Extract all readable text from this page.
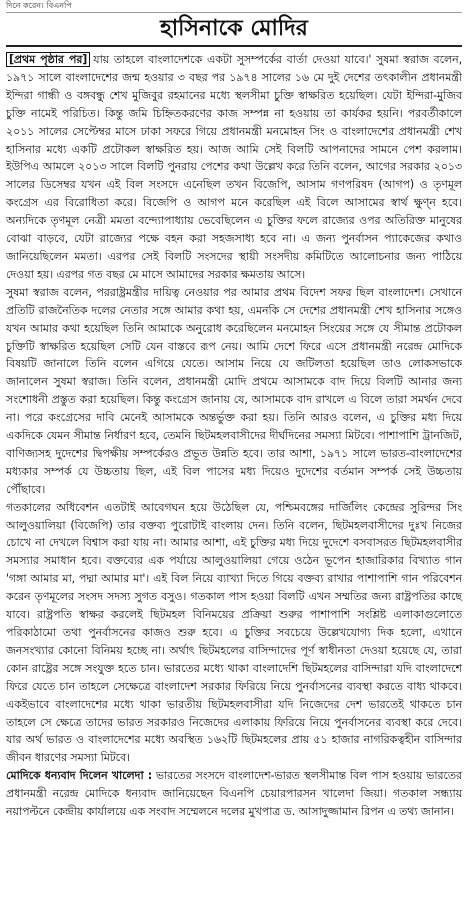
দিনে করেন। বিএনপি
হাসিনাকে মোদির

[প্রথম পৃষ্ঠার পর] যায় তাহলে বাংলাদেশকে একটা সুসম্পর্কের বার্তা দেওয়া যাবে।' সুষমা স্বরাজ বলেন, ১৯৭১ সালে বাংলাদেশের জন্ম হওয়ার ৩ বছর পর ১৯৭৪ সালের ১৬ মে দুই দেশের তৎকালীন প্রধানমন্ত্রী ইন্দিরা গান্ধী ও বঙ্গবন্ধু শেখ মুজিবুর রহমানের মধ্যে স্থলসীমা চুক্তি স্বাক্ষরিত হয়েছিল। যেটা ইন্দিরা-মুজিব চুক্তি নামেই পরিচিত। কিন্তু জমি চিহ্নিতকরণের কাজ সম্পন্ন না হওয়ায় তা কার্যকর হয়নি। পরবর্তীকালে ২০১১ সালের সেপ্টেম্বর মাসে ঢাকা সফরে গিয়ে প্রধানমন্ত্রী মনমোহন সিং ও বাংলাদেশের প্রধানমন্ত্রী শেখ হাসিনার মধ্যে একটি প্রটোকল স্বাক্ষরিত হয়। আজ আমি সেই বিলটি আপনাদের সামনে পেশ করলাম। ইউপিএ আমলে ২০১৩ সালে বিলটি পুনরায় পেশের কথা উল্লেখ করে তিনি বলেন, আগের সরকার ২০১৩ সালের ডিসেম্বর যখন এই বিল সংসদে এনেছিল তখন বিজেপি, আসাম গণপরিষদ (আগপ) ও তৃণমূল কংগ্রেস এর বিরোধিতা করে। বিজেপি ও আগপ মনে করেছিল এই বিলে আসামের স্বার্থ ক্ষুণ্ন হবে। অন্যদিকে তৃণমূল নেত্রী মমতা বন্দ্যোপাধ্যায় ভেবেছিলেন এ চুক্তির ফলে রাজ্যের ওপর অতিরিক্ত মানুষের বোঝা বাড়বে, যেটা রাজ্যের পক্ষে বহন করা সহজসাধ্য হবে না। এ জন্য পুনর্বাসন প্যাকেজের কথাও জানিয়েছিলেন মমতা। এরপর সেই বিলটি সংসদের স্থায়ী সংসদীয় কমিটিতে আলোচনার জন্য পাঠিয়ে দেওয়া হয়। এরপর গত বছর মে মাসে আমাদের সরকার ক্ষমতায় আসে।

সুষমা স্বরাজ বলেন, পররাষ্ট্রমন্ত্রীর দায়িত্ব নেওয়ার পর আমার প্রথম বিদেশ সফর ছিল বাংলাদেশ। সেখানে প্রতিটি রাজনৈতিক দলের নেতার সঙ্গে আমার কথা হয়, এমনকি সে দেশের প্রধানমন্ত্রী শেখ হাসিনার সঙ্গেও যখন আমার কথা হয়েছিল তিনি আমাকে অনুরোধ করেছিলেন মনমোহন সিংয়ের সঙ্গে যে সীমান্ত প্রটোকল চুক্তিটি স্বাক্ষরিত হয়েছিল সেটি যেন বাস্তবে রূপ নেয়। আমি দেশে ফিরে এসে প্রধানমন্ত্রী নরেন্দ্র মোদিকে বিষয়টি জানালে তিনি বলেন এগিয়ে যেতে। আসাম নিয়ে যে জটিলতা হয়েছিল তাও লোকসভাকে জানালেন সুষমা স্বরাজ। তিনি বলেন, প্রধানমন্ত্রী মোদি প্রথমে আসামকে বাদ দিয়ে বিলটি আনার জন্য সংশোধনী প্রস্তুত করা হয়েছিল। কিন্তু কংগ্রেস জানায় যে, আসামকে বাদ রাখলে এ বিলে তারা সমর্থন দেবে না। পরে কংগ্রেসের দাবি মেনেই আসামকে অন্তর্ভুক্ত করা হয়। তিনি আরও বলেন, এ চুক্তির মধ্য দিয়ে একদিকে যেমন সীমান্ত নির্ধারণ হবে, তেমনি ছিটমহলবাসীদের দীর্ঘদিনের সমস্যা মিটবে। পাশাপাশি ট্রানজিট, বাণিজ্যসহ দুদেশের দ্বিপক্ষীয় সম্পর্কেরও প্রভূত উন্নতি হবে। তার আশা, ১৯৭১ সালে ভারত-বাংলাদেশের মধ্যকার সম্পর্ক যে উচ্চতায় ছিল, এই বিল পাসের মধ্য দিয়েও দুদেশের বর্তমান সম্পর্ক সেই উচ্চতায় পৌঁছাবে।

গতকালের অধিবেশন এতটাই আবেগঘন হয়ে উঠেছিল যে, পশ্চিমবঙ্গের দার্জিলিং কেন্দ্রের সুরিন্দর সিং আলুওয়ালিয়া (বিজেপি) তার বক্তব্য পুরোটাই বাংলায় দেন। তিনি বলেন, ছিটমহলবাসীদের দুঃখ নিজের চোখে না দেখলে বিশ্বাস করা যায় না। আমার আশা, এই চুক্তির মধ্য দিয়ে দুদেশে বসবাসরত ছিটমহলবাসীর সমস্যার সমাধান হবে। বক্তব্যের এক পর্যায়ে আলুওয়ালিয়া গেয়ে ওঠেন ভূপেন হাজারিকার বিখ্যাত গান 'গঙ্গা আমার মা, পদ্মা আমার মা'। এই বিল নিয়ে ব্যাখ্যা দিতে গিয়ে বক্তব্য রাখার পাশাপাশি গান পরিবেশন করেন তৃণমূলের সংসদ সদস্য সুগত বসুও। গতকাল পাস হওয়া বিলটি এখন সম্মতির জন্য রাষ্ট্রপতির কাছে যাবে। রাষ্ট্রপতি স্বাক্ষর করলেই ছিটমহল বিনিময়ের প্রক্রিয়া শুরুর পাশাপাশি সংশ্লিষ্ট এলাকাগুলোতে পরিকাঠামো তথা পুনর্বাসনের কাজও শুরু হবে। এ চুক্তির সবচেয়ে উল্লেখযোগ্য দিক হলো, এখানে জনসংখ্যার কোনো বিনিময় হচ্ছে না। অর্থাৎ ছিটমহলের বাসিন্দাদের পূর্ণ স্বাধীনতা দেওয়া হয়েছে যে, তারা কোন রাষ্ট্রের সঙ্গে সংযুক্ত হতে চান। ভারতের মধ্যে থাকা বাংলাদেশি ছিটমহলের বাসিন্দারা যদি বাংলাদেশে ফিরে যেতে চান তাহলে সেক্ষেত্রে বাংলাদেশ সরকার ফিরিয়ে নিয়ে পুনর্বাসনের ব্যবস্থা করতে বাধ্য থাকবে। একইভাবে বাংলাদেশের মধ্যে থাকা ভারতীয় ছিটমহলবাসীরা যদি নিজেদের দেশ ভারতেই থাকতে চান তাহলে সে ক্ষেত্রে তাদের ভারত সরকারও নিজেদের এলাকায় ফিরিয়ে নিয়ে পুনর্বাসনের ব্যবস্থা করে দেবে। যার অর্থ ভারত ও বাংলাদেশের মধ্যে অবস্থিত ১৬২টি ছিটমহলের প্রায় ৫১ হাজার নাগরিকত্বহীন বাসিন্দার জীবন ধারণের সমস্যা মিটবে।

মোদিকে ধন্যবাদ দিলেন খালেদা : ভারতের সংসদে বাংলাদেশ-ভারত স্থলসীমান্ত বিল পাস হওয়ায় ভারতের প্রধানমন্ত্রী নরেন্দ্র মোদিকে ধন্যবাদ জানিয়েছেন বিএনপি চেয়ারপারসন খালেদা জিয়া। গতকাল সন্ধ্যায় নয়াপল্টনে কেন্দ্রীয় কার্যালয়ে এক সংবাদ সম্মেলনে দলের মুখপাত্র ড. আসাদুজ্জামান রিপন এ তথ্য জানান।
